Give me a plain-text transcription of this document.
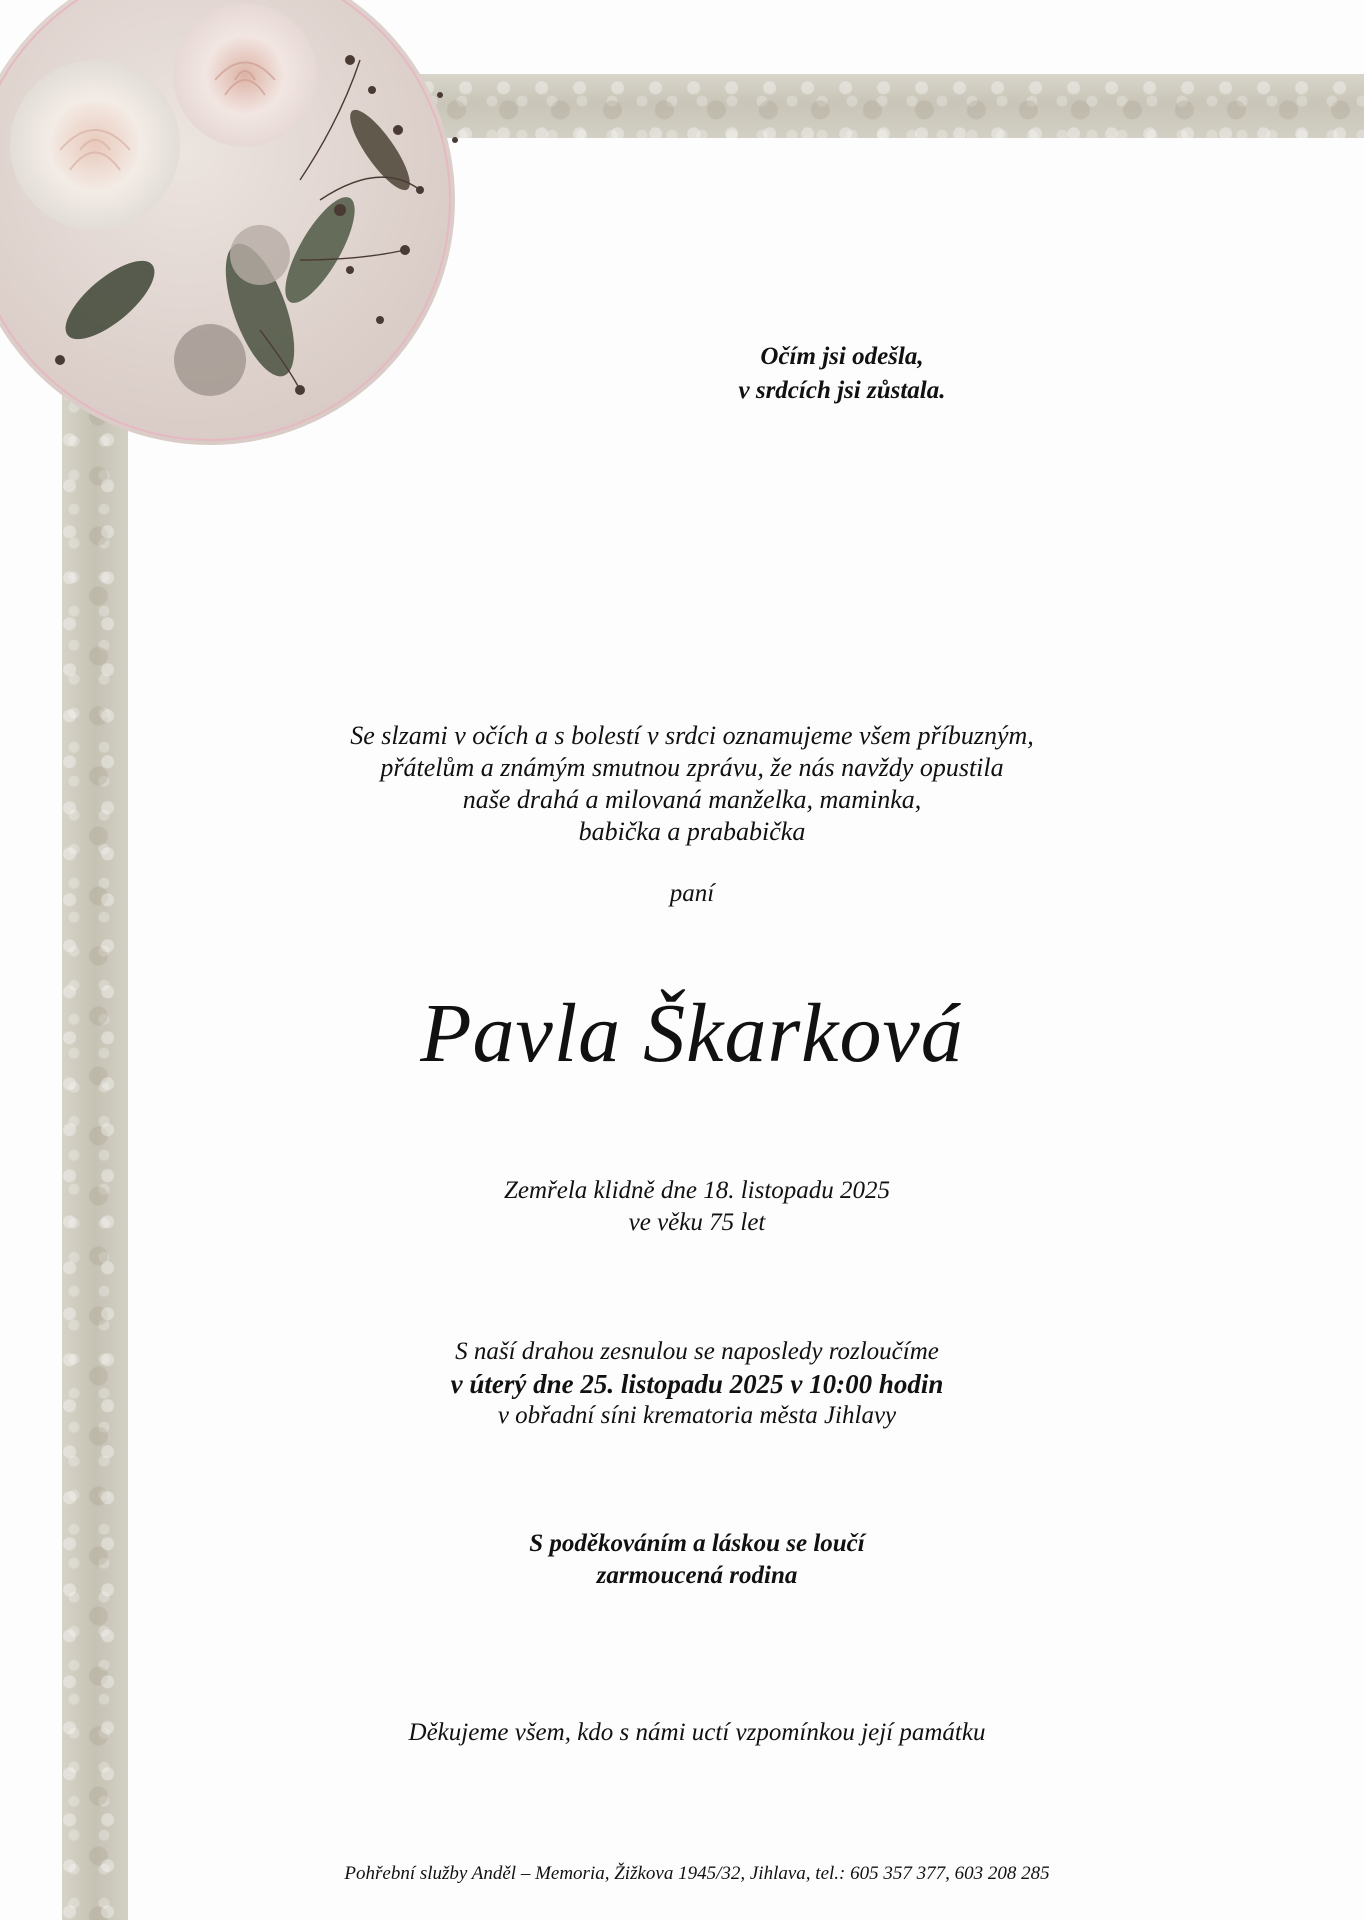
Očím jsi odešla,
v srdcích jsi zůstala.
Se slzami v očích a s bolestí v srdci oznamujeme všem příbuzným,
přátelům a známým smutnou zprávu, že nás navždy opustila
naše drahá a milovaná manželka, maminka,
babička a prababička
paní
Pavla Škarková
Zemřela klidně dne 18. listopadu 2025
ve věku 75 let
S naší drahou zesnulou se naposledy rozloučíme
v úterý dne 25. listopadu 2025 v 10:00 hodin
v obřadní síni krematoria města Jihlavy
S poděkováním a láskou se loučí
zarmoucená rodina
Děkujeme všem, kdo s námi uctí vzpomínkou její památku
Pohřební služby Anděl – Memoria, Žižkova 1945/32, Jihlava, tel.: 605 357 377, 603 208 285
